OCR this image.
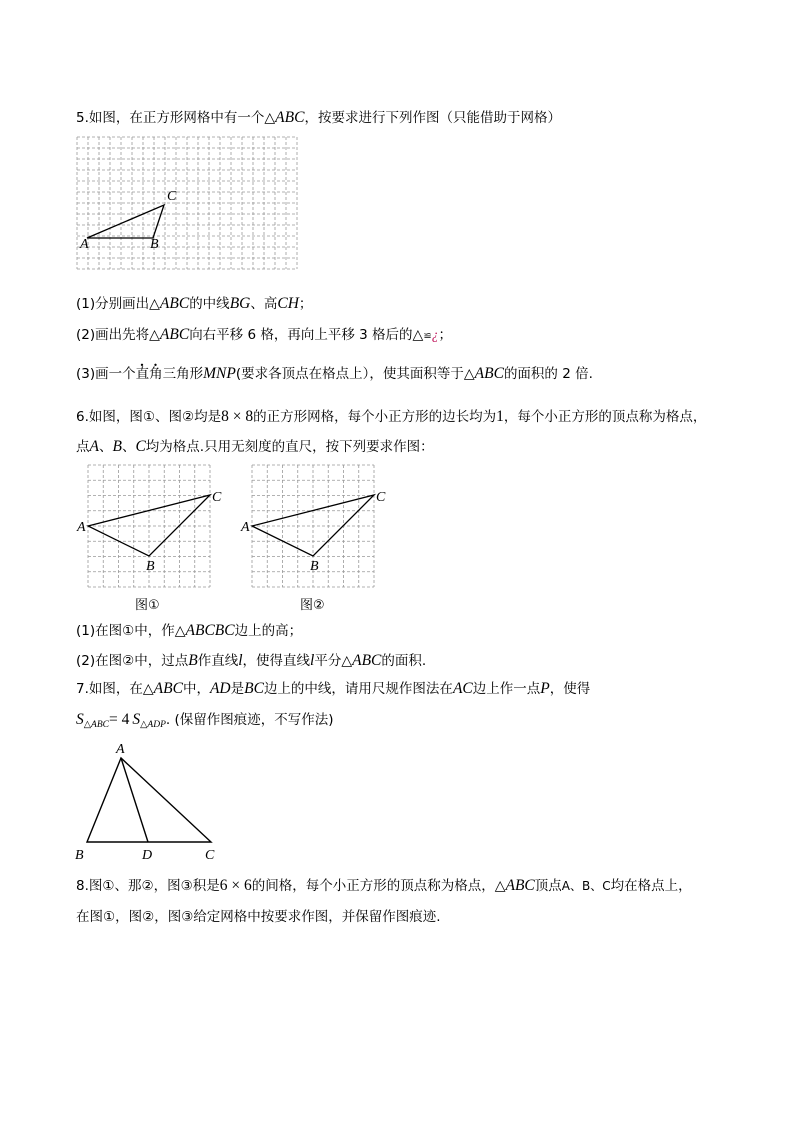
5.如图，在正方形网格中有一个△ABC，按要求进行下列作图（只能借助于网格）
A	B
C
(1)分别画出△ABC的中线BG、高CH；
(2)画出先将△ABC向右平移 6 格，再向上平移 3 格后的△≌¿；
(3)画一个直角三角形MNP(要求各顶点在格点上），使其面积等于△ABC的面积的 2 倍.
6.如图，图①、图②均是8 × 8的正方形网格，每个小正方形的边长均为1，每个小正方形的顶点称为格点，
点A、B、C均为格点.只用无刻度的直尺，按下列要求作图：
A
B
C
图①
A
B
C
图②
(1)在图①中，作△ABCBC边上的高；
(2)在图②中，过点B作直线l，使得直线l平分△ABC的面积.
7.如图，在△ABC中，AD是BC边上的中线，请用尺规作图法在AC边上作一点P，使得
$S_{\triangle ABC}= 4$ $S_{\triangle ADP}$. (保留作图痕迹，不写作法)
A
B	D	C
8.图①、那②，图③积是6 × 6的间格，每个小正方形的顶点称为格点，△ABC顶点A、B、C均在格点上，
在图①，图②，图③给定网格中按要求作图，并保留作图痕迹.
